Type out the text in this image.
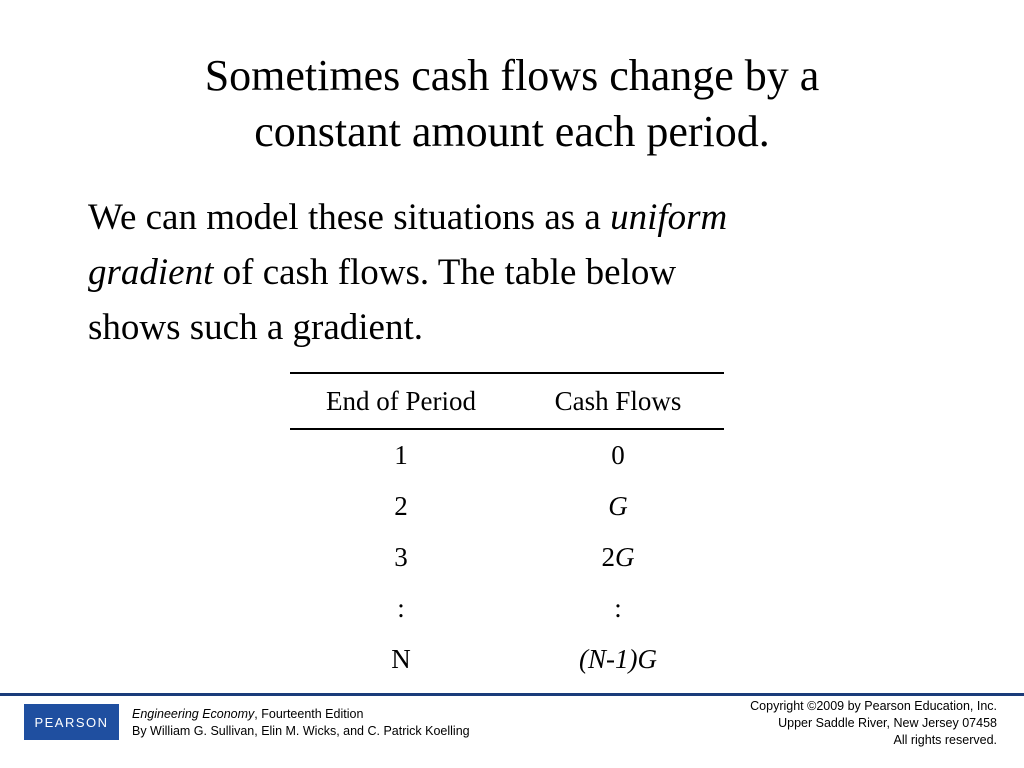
Sometimes cash flows change by a
constant amount each period.
We can model these situations as a uniform
gradient of cash flows. The table below
shows such a gradient.
End of Period	Cash Flows
1	0
2	G
3	2G
:	:
N	(N-1)G
PEARSON
Engineering Economy, Fourteenth Edition
By William G. Sullivan, Elin M. Wicks, and C. Patrick Koelling
Copyright ©2009 by Pearson Education, Inc.
Upper Saddle River, New Jersey 07458
All rights reserved.
